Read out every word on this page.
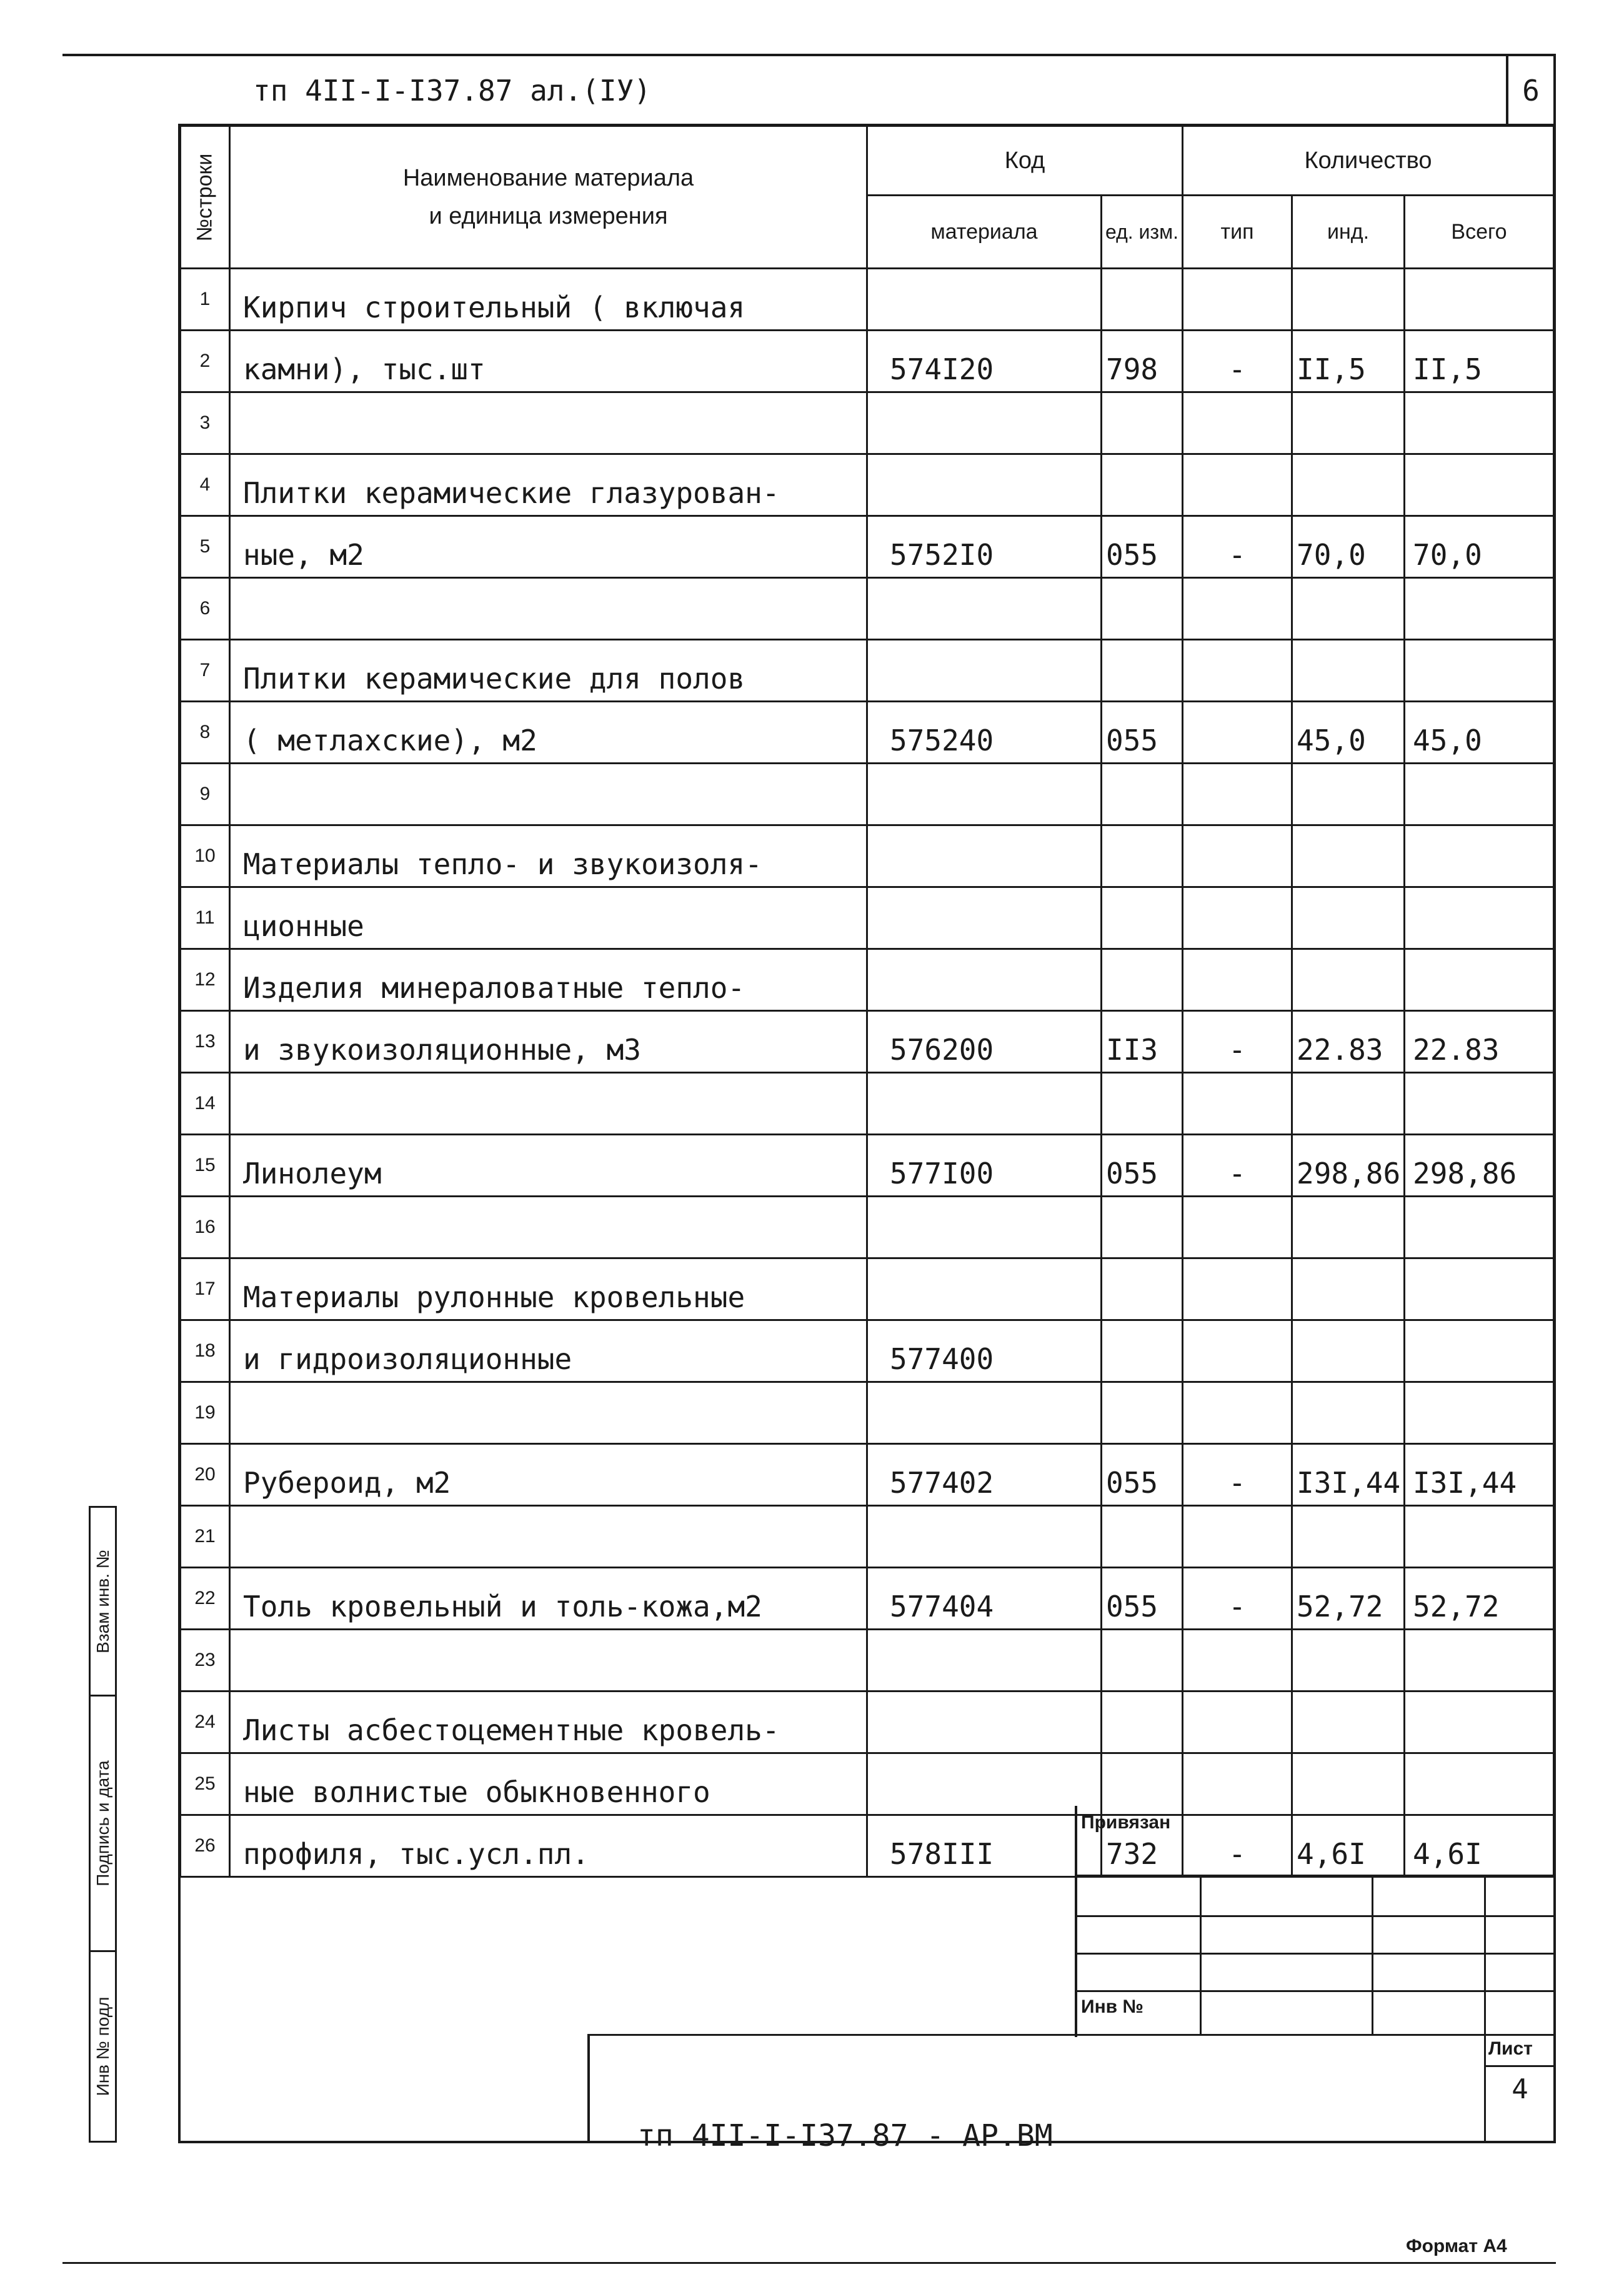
тп 4II-I-I37.87 ал.(IУ)	6
№строки	Наименование материала
и единица измерения	Код		Количество		
		материала	ед. изм.	тип	инд.	Всего
1	Кирпич строительный ( включая					
2	камни), тыс.шт	574I20	798	-	II,5	II,5
3						
4	Плитки керамические глазурован-					
5	ные, м2	5752I0	055	-	70,0	70,0
6						
7	Плитки керамические для полов					
8	( метлахские), м2	575240	055		45,0	45,0
9						
10	Материалы тепло- и звукоизоля-					
11	ционные					
12	Изделия минераловатные тепло-					
13	и звукоизоляционные, м3	576200	II3	-	22.83	22.83
14						
15	Линолеум	577I00	055	-	298,86	298,86
16						
17	Материалы рулонные кровельные					
18	и гидроизоляционные	577400				
19						
20	Рубероид, м2	577402	055	-	I3I,44	I3I,44
21						
22	Толь кровельный и толь-кожа,м2	577404	055	-	52,72	52,72
23						
24	Листы асбестоцементные кровель-					
25	ные волнистые обыкновенного					
26	профиля, тыс.усл.пл.	578III	732	-	4,6I	4,6I
Привязан
Инв №
Лист
4
тп 4II-I-I37.87 - АР.ВМ
Взам инв. №
Подпись и дата
Инв № подл
Формат А4
